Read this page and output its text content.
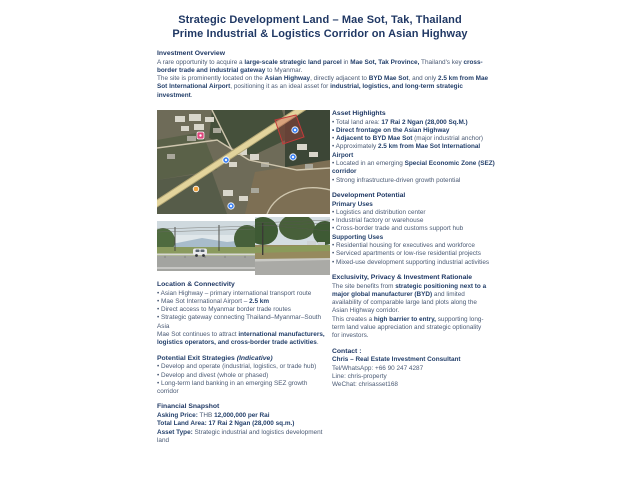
Strategic Development Land – Mae Sot, Tak, Thailand
Prime Industrial & Logistics Corridor on Asian Highway
Investment Overview
A rare opportunity to acquire a large-scale strategic land parcel in Mae Sot, Tak Province, Thailand's key cross-border trade and industrial gateway to Myanmar.
The site is prominently located on the Asian Highway, directly adjacent to BYD Mae Sot, and only 2.5 km from Mae Sot International Airport, positioning it as an ideal asset for industrial, logistics, and long-term strategic investment.
Location & Connectivity
• Asian Highway – primary international transport route
• Mae Sot International Airport – 2.5 km
• Direct access to Myanmar border trade routes
• Strategic gateway connecting Thailand–Myanmar–South Asia
Mae Sot continues to attract international manufacturers, logistics operators, and cross-border trade activities.
Potential Exit Strategies (Indicative)
• Develop and operate (industrial, logistics, or trade hub)
• Develop and divest (whole or phased)
• Long-term land banking in an emerging SEZ growth corridor
Financial Snapshot
Asking Price: THB 12,000,000 per Rai
Total Land Area: 17 Rai 2 Ngan (28,000 sq.m.)
Asset Type: Strategic industrial and logistics development land
Asset Highlights
• Total land area: 17 Rai 2 Ngan (28,000 Sq.M.)
• Direct frontage on the Asian Highway
• Adjacent to BYD Mae Sot (major industrial anchor)
• Approximately 2.5 km from Mae Sot International Airport
• Located in an emerging Special Economic Zone (SEZ) corridor
• Strong infrastructure-driven growth potential
Development Potential
Primary Uses
• Logistics and distribution center
• Industrial factory or warehouse
• Cross-border trade and customs support hub
Supporting Uses
• Residential housing for executives and workforce
• Serviced apartments or low-rise residential projects
• Mixed-use development supporting industrial activities
Exclusivity, Privacy & Investment Rationale
The site benefits from strategic positioning next to a major global manufacturer (BYD) and limited availability of comparable large land plots along the Asian Highway corridor.
This creates a high barrier to entry, supporting long-term land value appreciation and strategic optionality for investors.
Contact :
Chris – Real Estate Investment Consultant
Tel/WhatsApp: +66 90 247 4287
Line: chris-property
WeChat: chrisasset168
